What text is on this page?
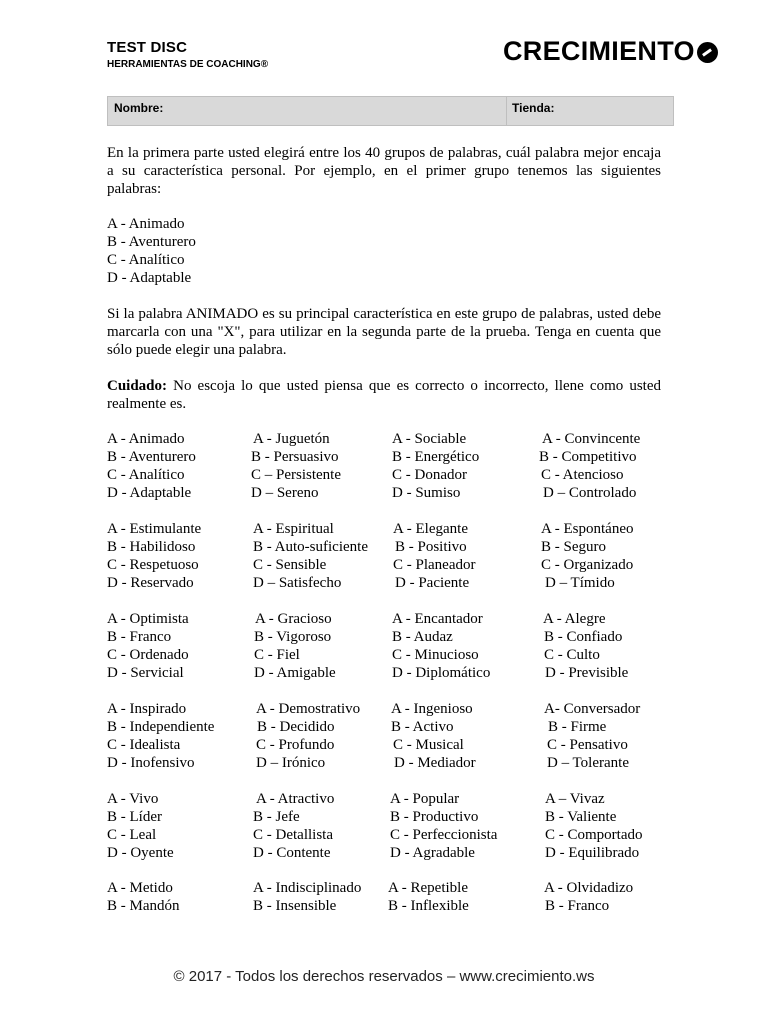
TEST DISC
HERRAMIENTAS DE COACHING®	CRECIMIENTO
Nombre:	Tienda:
En la primera parte usted elegirá entre los 40 grupos de palabras, cuál palabra mejor encaja a su característica personal. Por ejemplo, en el primer grupo tenemos las siguientes palabras:
A - Animado
B - Aventurero
C - Analítico
D - Adaptable
Si la palabra ANIMADO es su principal característica en este grupo de palabras, usted debe marcarla con una "X", para utilizar en la segunda parte de la prueba. Tenga en cuenta que sólo puede elegir una palabra.
Cuidado: No escoja lo que usted piensa que es correcto o incorrecto, llene como usted realmente es.
A - Animado
B - Aventurero
C - Analítico
D - Adaptable
A - Juguetón
B - Persuasivo
C – Persistente
D – Sereno
A - Sociable
B - Energético
C - Donador
D - Sumiso
A - Convincente
B - Competitivo
C - Atencioso
D – Controlado
A - Estimulante
B - Habilidoso
C - Respetuoso
D - Reservado
A - Espiritual
B - Auto-suficiente
C - Sensible
D – Satisfecho
A - Elegante
B - Positivo
C - Planeador
D - Paciente
A - Espontáneo
B - Seguro
C - Organizado
D – Tímido
A - Optimista
B - Franco
C - Ordenado
D - Servicial
A - Gracioso
B - Vigoroso
C - Fiel
D - Amigable
A - Encantador
B - Audaz
C - Minucioso
D - Diplomático
A - Alegre
B - Confiado
C - Culto
D - Previsible
A - Inspirado
B - Independiente
C - Idealista
D - Inofensivo
A - Demostrativo
B - Decidido
C - Profundo
D – Irónico
A - Ingenioso
B - Activo
C - Musical
D - Mediador
A- Conversador
B - Firme
C - Pensativo
D – Tolerante
A - Vivo
B - Líder
C - Leal
D - Oyente
A - Atractivo
B - Jefe
C - Detallista
D - Contente
A - Popular
B - Productivo
C - Perfeccionista
D - Agradable
A – Vivaz
B - Valiente
C - Comportado
D - Equilibrado
A - Metido
B - Mandón
A - Indisciplinado
B - Insensible
A - Repetible
B - Inflexible
A - Olvidadizo
B - Franco
© 2017 - Todos los derechos reservados – www.crecimiento.ws
